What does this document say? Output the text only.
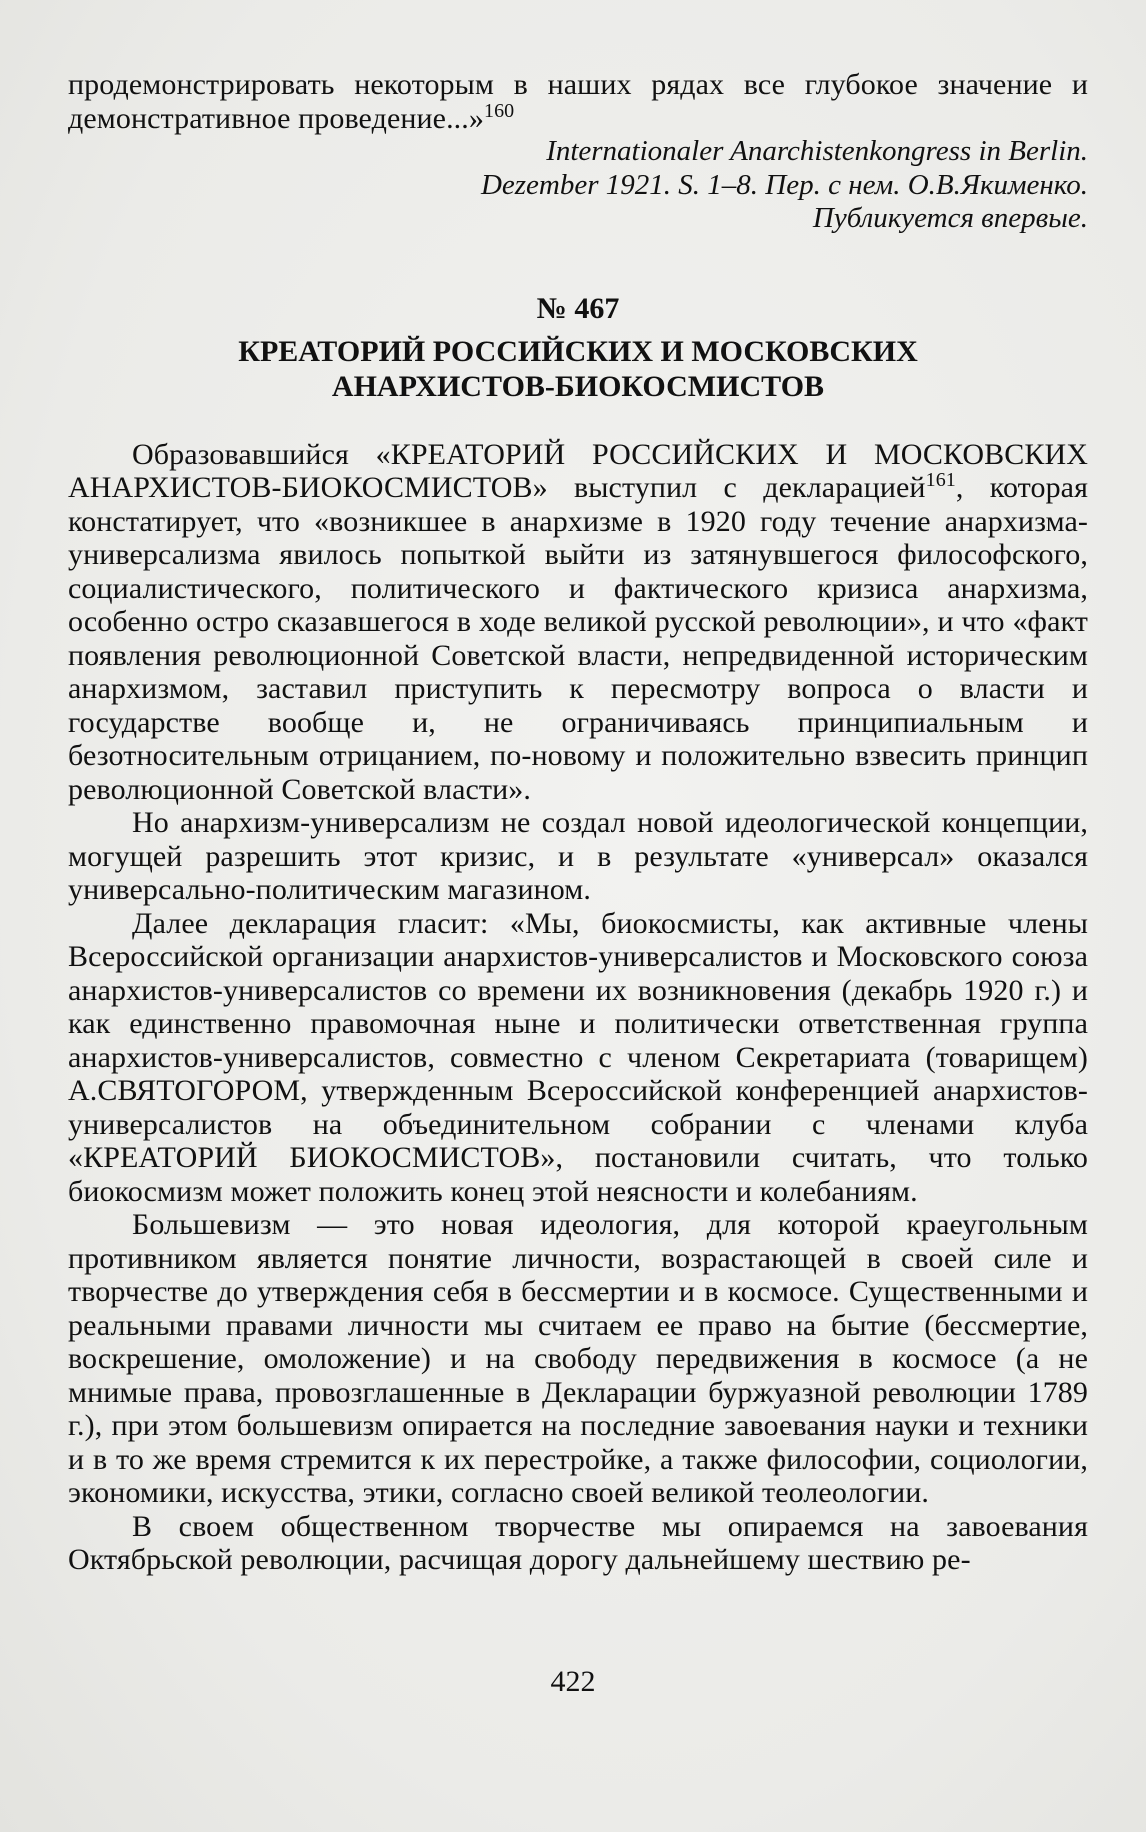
продемонстрировать некоторым в наших рядах все глубокое значение и демонстративное проведение...»$^{160}$

Internationaler Anarchistenkongress in Berlin.
Dezember 1921. S. 1–8. Пер. с нем. О.В.Якименко.
Публикуется впервые.

№ 467
КРЕАТОРИЙ РОССИЙСКИХ И МОСКОВСКИХ
АНАРХИСТОВ-БИОКОСМИСТОВ

Образовавшийся «КРЕАТОРИЙ РОССИЙСКИХ И МОСКОВСКИХ АНАРХИСТОВ-БИОКОСМИСТОВ» выступил с декларацией$^{161}$, которая констатирует, что «возникшее в анархизме в 1920 году течение анархизма-универсализма явилось попыткой выйти из затянувшегося философского, социалистического, политического и фактического кризиса анархизма, особенно остро сказавшегося в ходе великой русской революции», и что «факт появления революционной Советской власти, непредвиденной историческим анархизмом, заставил приступить к пересмотру вопроса о власти и государстве вообще и, не ограничиваясь принципиальным и безотносительным отрицанием, по-новому и положительно взвесить принцип революционной Советской власти».

Но анархизм-универсализм не создал новой идеологической концепции, могущей разрешить этот кризис, и в результате «универсал» оказался универсально-политическим магазином.

Далее декларация гласит: «Мы, биокосмисты, как активные члены Всероссийской организации анархистов-универсалистов и Московского союза анархистов-универсалистов со времени их возникновения (декабрь 1920 г.) и как единственно правомочная ныне и политически ответственная группа анархистов-универсалистов, совместно с членом Секретариата (товарищем) А.СВЯТОГОРОМ, утвержденным Всероссийской конференцией анархистов-универсалистов на объединительном собрании с членами клуба «КРЕАТОРИЙ БИОКОСМИСТОВ», постановили считать, что только биокосмизм может положить конец этой неясности и колебаниям.

Большевизм — это новая идеология, для которой краеугольным противником является понятие личности, возрастающей в своей силе и творчестве до утверждения себя в бессмертии и в космосе. Существенными и реальными правами личности мы считаем ее право на бытие (бессмертие, воскрешение, омоложение) и на свободу передвижения в космосе (а не мнимые права, провозглашенные в Декларации буржуазной революции 1789 г.), при этом большевизм опирается на последние завоевания науки и техники и в то же время стремится к их перестройке, а также философии, социологии, экономики, искусства, этики, согласно своей великой теолеологии.

В своем общественном творчестве мы опираемся на завоевания Октябрьской революции, расчищая дорогу дальнейшему шествию ре-

422
